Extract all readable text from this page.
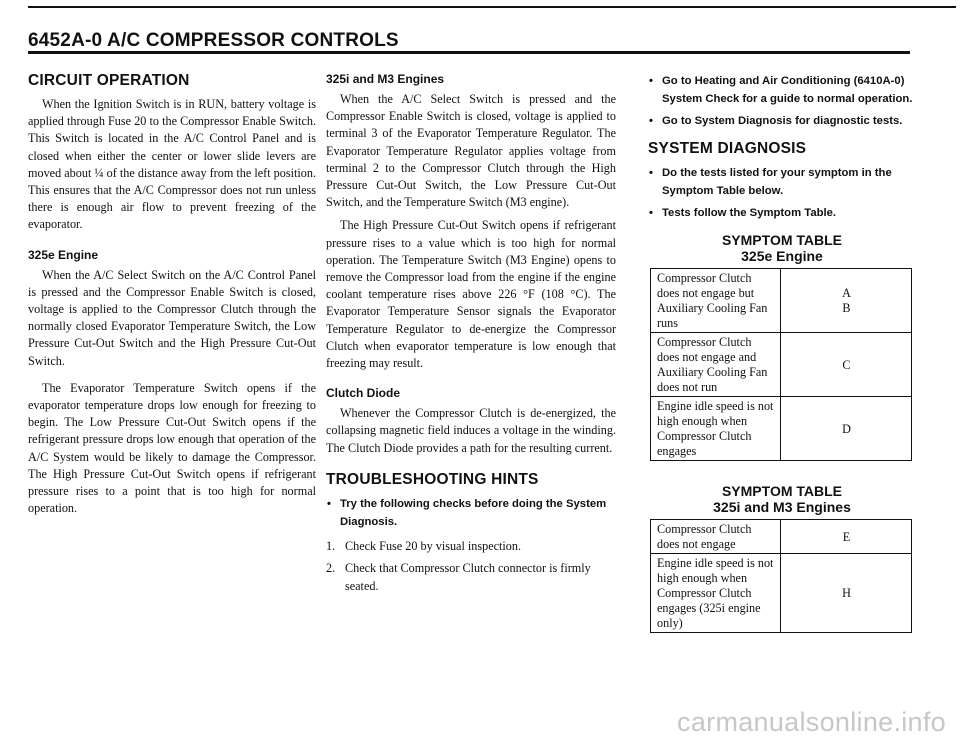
6452A-0 A/C COMPRESSOR CONTROLS
CIRCUIT OPERATION

When the Ignition Switch is in RUN, battery voltage is applied through Fuse 20 to the Compressor Enable Switch. This Switch is located in the A/C Control Panel and is closed when either the center or lower slide levers are moved about ¼ of the distance away from the left position. This ensures that the A/C Compressor does not run unless there is enough air flow to prevent freezing of the evaporator.

325e Engine

When the A/C Select Switch on the A/C Control Panel is pressed and the Compressor Enable Switch is closed, voltage is applied to the Compressor Clutch through the normally closed Evaporator Temperature Switch, the Low Pressure Cut-Out Switch and the High Pressure Cut-Out Switch.

The Evaporator Temperature Switch opens if the evaporator temperature drops low enough for freezing to begin. The Low Pressure Cut-Out Switch opens if the refrigerant pressure drops low enough that operation of the A/C System would be likely to damage the Compressor. The High Pressure Cut-Out Switch opens if refrigerant pressure rises to a point that is too high for normal operation.

325i and M3 Engines

When the A/C Select Switch is pressed and the Compressor Enable Switch is closed, voltage is applied to terminal 3 of the Evaporator Temperature Regulator. The Evaporator Temperature Regulator applies voltage from terminal 2 to the Compressor Clutch through the High Pressure Cut-Out Switch, the Low Pressure Cut-Out Switch, and the Temperature Switch (M3 engine).

The High Pressure Cut-Out Switch opens if refrigerant pressure rises to a value which is too high for normal operation. The Temperature Switch (M3 Engine) opens to remove the Compressor load from the engine if the engine coolant temperature rises above 226 °F (108 °C). The Evaporator Temperature Sensor signals the Evaporator Temperature Regulator to de-energize the Compressor Clutch when evaporator temperature is low enough that freezing may result.

Clutch Diode

Whenever the Compressor Clutch is de-energized, the collapsing magnetic field induces a voltage in the winding. The Clutch Diode provides a path for the resulting current.

TROUBLESHOOTING HINTS
• Try the following checks before doing the System Diagnosis.
1. Check Fuse 20 by visual inspection.
2. Check that Compressor Clutch connector is firmly seated.
• Go to Heating and Air Conditioning (6410A-0) System Check for a guide to normal operation.
• Go to System Diagnosis for diagnostic tests.
SYSTEM DIAGNOSIS
• Do the tests listed for your symptom in the Symptom Table below.
• Tests follow the Symptom Table.
SYMPTOM TABLE
325e Engine
Compressor Clutch does not engage but Auxiliary Cooling Fan runs	A
B

Compressor Clutch does not engage and Auxiliary Cooling Fan does not run	C

Engine idle speed is not high enough when Compressor Clutch engages	D
SYMPTOM TABLE
325i and M3 Engines
Compressor Clutch does not engage	E

Engine idle speed is not high enough when Compressor Clutch engages (325i engine only)	H
carmanualsonline.info
